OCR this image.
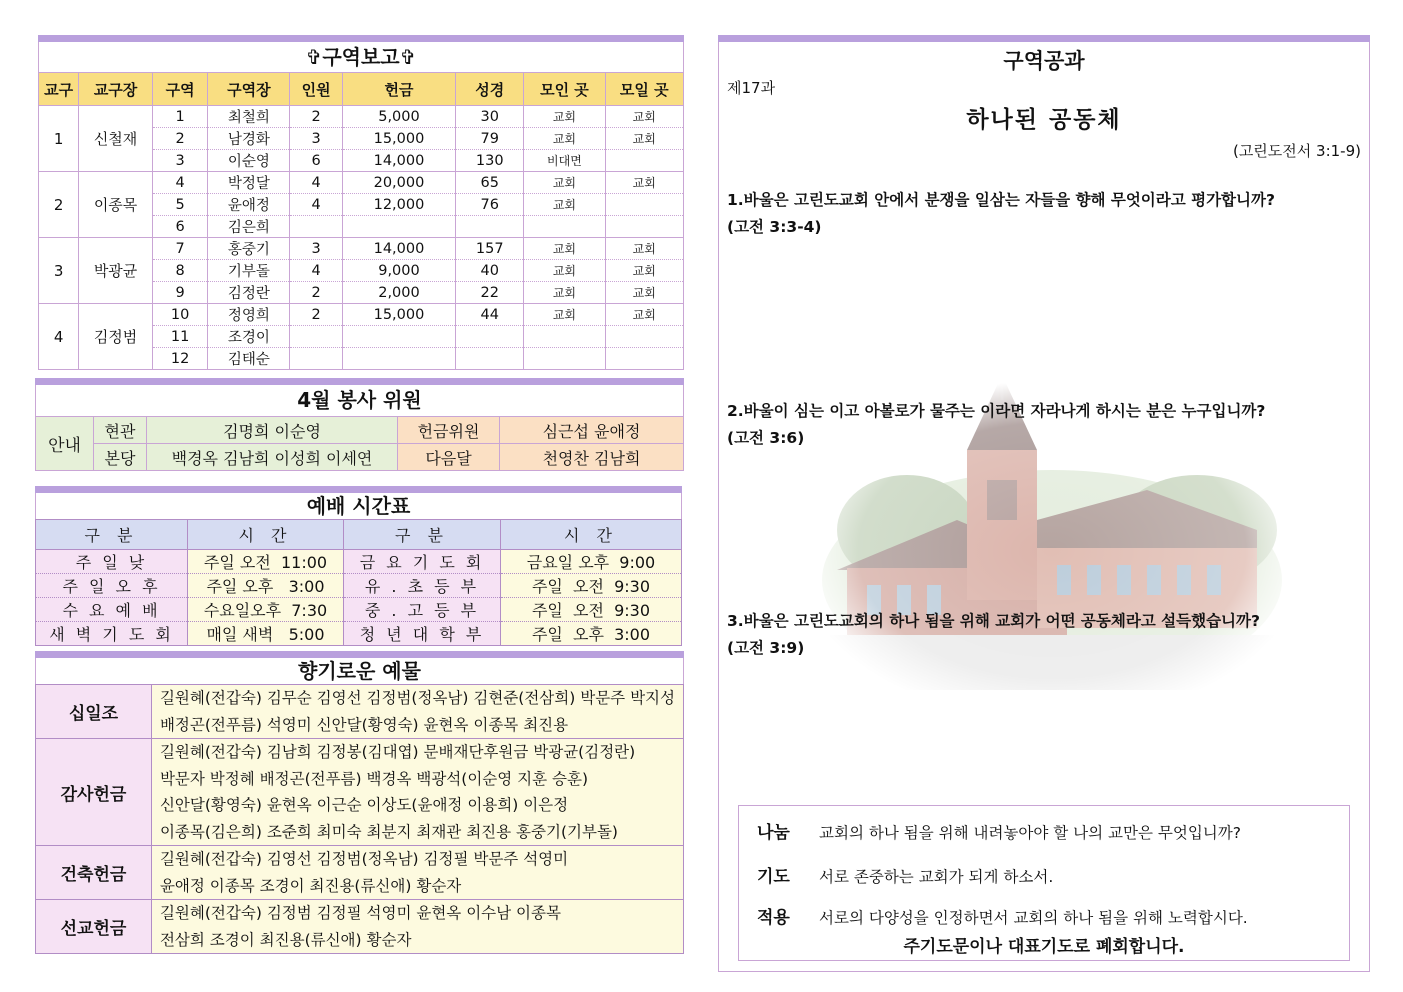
✞구역보고✞
교구	교구장	구역	구역장	인원	헌금	성경	모인 곳	모일 곳
1	신철재	1	최철희	2	5,000	30	교회	교회
		2	남경화	3	15,000	79	교회	교회
		3	이순영	6	14,000	130	비대면	
2	이종목	4	박정달	4	20,000	65	교회	교회
		5	윤애정	4	12,000	76	교회	
		6	김은희					
3	박광균	7	홍중기	3	14,000	157	교회	교회
		8	기부돌	4	9,000	40	교회	교회
		9	김정란	2	2,000	22	교회	교회
4	김정범	10	정영희	2	15,000	44	교회	교회
		11	조경이					
		12	김태순					
4월 봉사 위원
안내	현관	김명희 이순영	헌금위원	심근섭 윤애정
	본당	백경옥 김남희 이성희 이세연	다음달	천영찬 김남희
예배 시간표
구 분	시 간	구 분	시 간
주 일 낮	주일 오전  11:00	금 요 기 도 회	금요일 오후  9:00
주 일 오 후	주일 오후   3:00	유 . 초 등 부	주일  오전  9:30
수 요 예 배	수요일오후  7:30	중 . 고 등 부	주일  오전  9:30
새 벽 기 도 회	매일 새벽   5:00	청 년 대 학 부	주일  오후  3:00
향기로운 예물
십일조	길원혜(전갑숙) 김무순 김영선 김정범(정옥남) 김현준(전삼희) 박문주 박지성
배정곤(전푸름) 석영미 신안달(황영숙) 윤현옥 이종목 최진용

감사헌금	길원혜(전갑숙) 김남희 김정봉(김대엽) 문배재단후원금 박광균(김정란)
박문자 박정혜 배정곤(전푸름) 백경옥 백광석(이순영 지훈 승훈)
신안달(황영숙) 윤현옥 이근순 이상도(윤애정 이용희) 이은정
이종목(김은희) 조준희 최미숙 최분지 최재관 최진용 홍중기(기부돌)

건축헌금	길원혜(전갑숙) 김영선 김정범(정옥남) 김정필 박문주 석영미
윤애정 이종목 조경이 최진용(류신애) 황순자

선교헌금	길원혜(전갑숙) 김정범 김정필 석영미 윤현옥 이수남 이종목
전삼희 조경이 최진용(류신애) 황순자
구역공과
제17과
하나된 공동체
(고린도전서 3:1-9)
1.바울은 고린도교회 안에서 분쟁을 일삼는 자들을 향해 무엇이라고 평가합니까?
(고전 3:3-4)
2.바울이 심는 이고 아볼로가 물주는 이라면 자라나게 하시는 분은 누구입니까?
(고전 3:6)
3.바울은 고린도교회의 하나 됨을 위해 교회가 어떤 공동체라고 설득했습니까?
(고전 3:9)
나눔 교회의 하나 됨을 위해 내려놓아야 할 나의 교만은 무엇입니까?
기도 서로 존중하는 교회가 되게 하소서.
적용 서로의 다양성을 인정하면서 교회의 하나 됨을 위해 노력합시다.
주기도문이나 대표기도로 폐회합니다.
